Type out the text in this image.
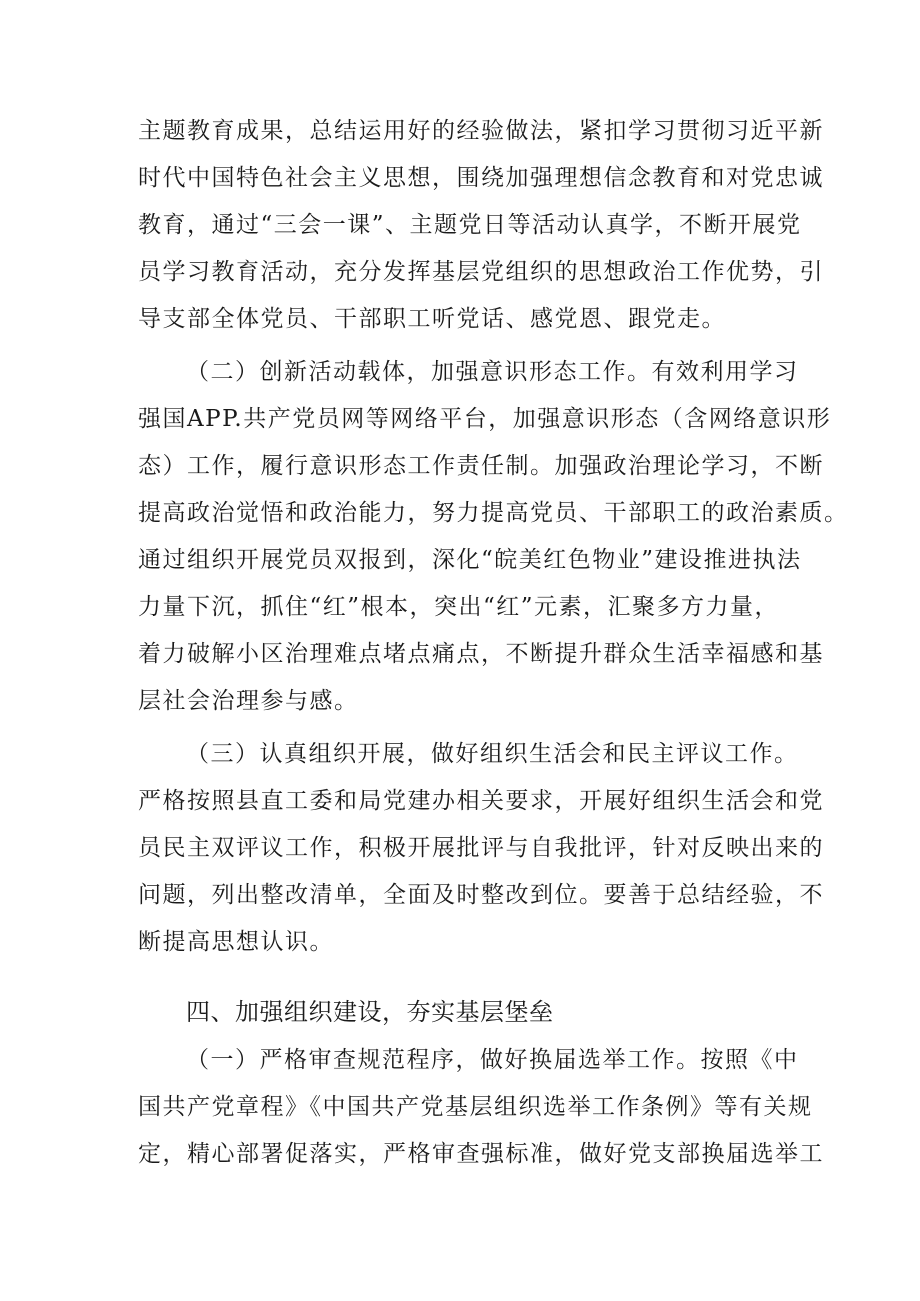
主题教育成果，总结运用好的经验做法，紧扣学习贯彻习近平新
时代中国特色社会主义思想，围绕加强理想信念教育和对党忠诚
教育，通过“三会一课”、主题党日等活动认真学，不断开展党
员学习教育活动，充分发挥基层党组织的思想政治工作优势，引
导支部全体党员、干部职工听党话、感党恩、跟党走。
（二）创新活动载体，加强意识形态工作。有效利用学习
强国APP.共产党员网等网络平台，加强意识形态（含网络意识形
态）工作，履行意识形态工作责任制。加强政治理论学习，不断
提高政治觉悟和政治能力，努力提高党员、干部职工的政治素质。
通过组织开展党员双报到，深化“皖美红色物业”建设推进执法
力量下沉，抓住“红”根本，突出“红”元素，汇聚多方力量，
着力破解小区治理难点堵点痛点，不断提升群众生活幸福感和基
层社会治理参与感。
（三）认真组织开展，做好组织生活会和民主评议工作。
严格按照县直工委和局党建办相关要求，开展好组织生活会和党
员民主双评议工作，积极开展批评与自我批评，针对反映出来的
问题，列出整改清单，全面及时整改到位。要善于总结经验，不
断提高思想认识。
四、加强组织建设，夯实基层堡垒
（一）严格审查规范程序，做好换届选举工作。按照《中
国共产党章程》《中国共产党基层组织选举工作条例》等有关规
定，精心部署促落实，严格审查强标准，做好党支部换届选举工
